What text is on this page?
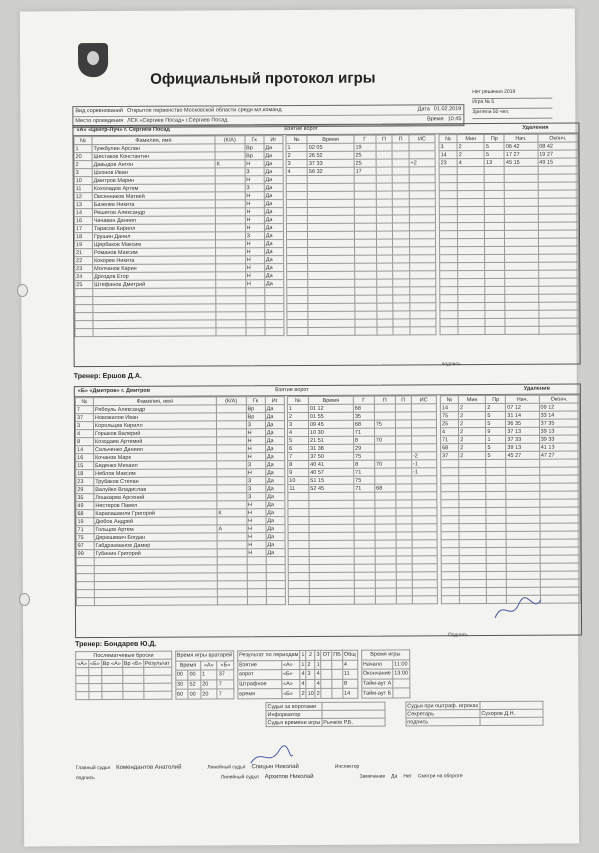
Официальный протокол игры
Нет решения 2019
Игра № 5
Зрители 50 чел.
Вид соревнований Открытое первенство Московской области среди мл.команд	Дата 01.02.2019
Место проведения ЛСК «Сергиев Посад» г.Сергиев Посад	Время 10:45
«А» «Центр-Луч» г. Сергиев Посад	Взятие ворот	Удаления
№	Фамилия, имя	(К/А)	Гк	Иг
1	Туякбулин Арслан		Вр	Да
20	Шестаков Константин		Вр	Да
2	Давыдов Антон	К	Н	Да
3	Шхонов Иван		З	Да
10	Дмитров Марин		Н	Да
11	Кохоладов Артем		З	Да
12	Овсянников Матвей		Н	Да
13	Базелев Никита		Н	Да
14	Решетов Александр		Н	Да
16	Чачавин Даниил		Н	Да
17	Тарасов Кирилл		Н	Да
18	Грушин Данил		З	Да
19	Щербаков Максим		Н	Да
21	Романов Максим		Н	Да
22	Кокорев Никита		Н	Да
23	Молчанов Карин		Н	Да
24	Дроздов Егор		Н	Да
25	Штефанов Дмитрий		Н	Да

№	Время	Г	П	П	ИС
1	02 05	19			
2	26 52	25			
3	37 33	25			+2
4	56 32	17			

№	Мин	Пр	Нач.	Оконч.
3	2	5	06 42	08 42
14	2	5	17 27	19 27
23	4	13	45 15	49 15

подпись
Тренер: Ершов Д.А.
«Б» «Дмитров» г. Дмитров	Взятие ворот	Удаления
№	Фамилия, имя	(К/А)	Гк	Иг
7	Рябоуль Александр		Вр	Да
37	Новожилов Иван		Вр	Да
3	Корольцев Кирилл		З	Да
4	Горшков Валерий		Н	Да
8	Козодаев Артемий		Н	Да
14	Сильченко Даниил		Н	Да
16	Кочанов Марк		Н	Да
15	Беденко Михаил		З	Да
18	Неблов Максим		Н	Да
23	Трубаков Степан		З	Да
29	Валуйко Владислав		З	Да
35	Лошкарев Арсений		З	Да
49	Нестеров Павел		Н	Да
68	Карапашвили Григорий	К	Н	Да
19	Дюбов Андрей		Н	Да
71	Гольцов Артем	А	Н	Да
75	Дерюшевич Богдан		Н	Да
97	Габдрахманов Дамир		Н	Да
99	Губинин Григорий		Н	Да

№	Время	Г	П	П	ИС
1	01 12	68			
2	01 55	35			
3	09 45	68	75		
4	10 30	71			
5	21 51	8	70		
6	31 38	29			
7	37 50	75			-2
8	40 41	8	70		-1
9	40 57	71			-1
10	51 15	75			
11	52 45	71	68		

№	Мин	Пр	Нач.	Оконч.
14	2	2	07 12	09 12
75	2	5	31 14	33 14
25	2	5	36 35	37 35
4	2	9	37 13	39 13
71	2	1	37 33	39 33
68	2	5	39 13	41 13
37	2	5	45 27	47 27

Подпись
Тренер: Бондарев Ю.Д.
Послематчевые броски				
«А»	«Б»	Вр «А»	Вр «Б»	Результат

Время игры вратарей			
Время		«А»	«Б»
00	00	1	37
30	52	20	7
60	00	20	7
Результат по периодам		1	2	3	ОТ	ПБ	Общ
Взятие	«А»	1	2	1			4
ворот	«Б»	4	3	4			11
Штрафное	«А»	4		4			8
время	«Б»	2	10	2			14
Время игры	
Начало	11:00
Окончание	13:00
Тайм-аут А	
Тайм-аут Б	
Судьи за воротами	
Информатор	
Судья времени игры	Рычков Р.Б.
Судьи при оштраф. игроках	
Секретарь	Сухоров Д.Н.
подпись	
Главный судья Комендантов Анатолий	Линейный судья Спицын Николай	Инспектор
подпись	Линейный судья Архипов Николай	Замечание Да Нет Смотри на обороте
